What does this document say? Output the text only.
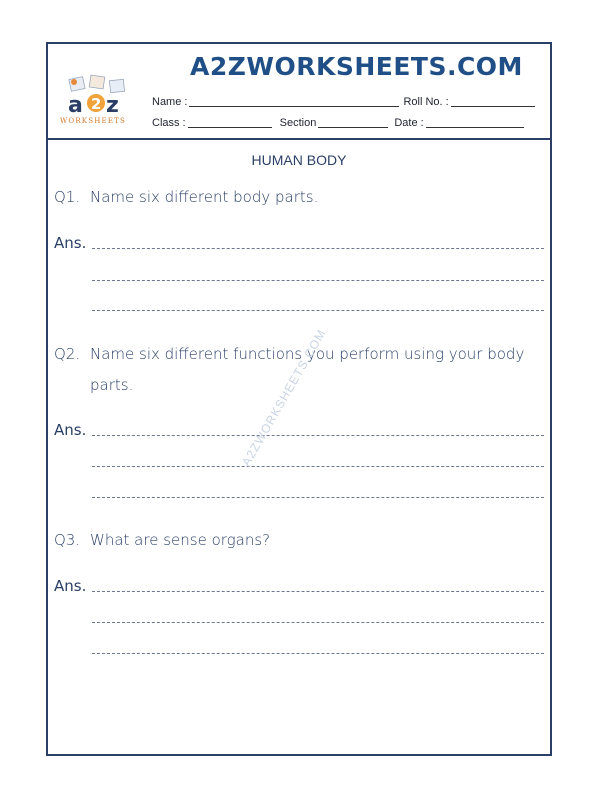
A2ZWORKSHEETS.COM
a 2 z
WORKSHEETS
Name :	Roll No. :
Class :	Section	Date :
HUMAN BODY
Q1. Name six different body parts.
Ans.
Q2. Name six different functions you perform using your body
parts.
Ans.
Q3. What are sense organs?
Ans.
A2ZWORKSHEETS.COM
